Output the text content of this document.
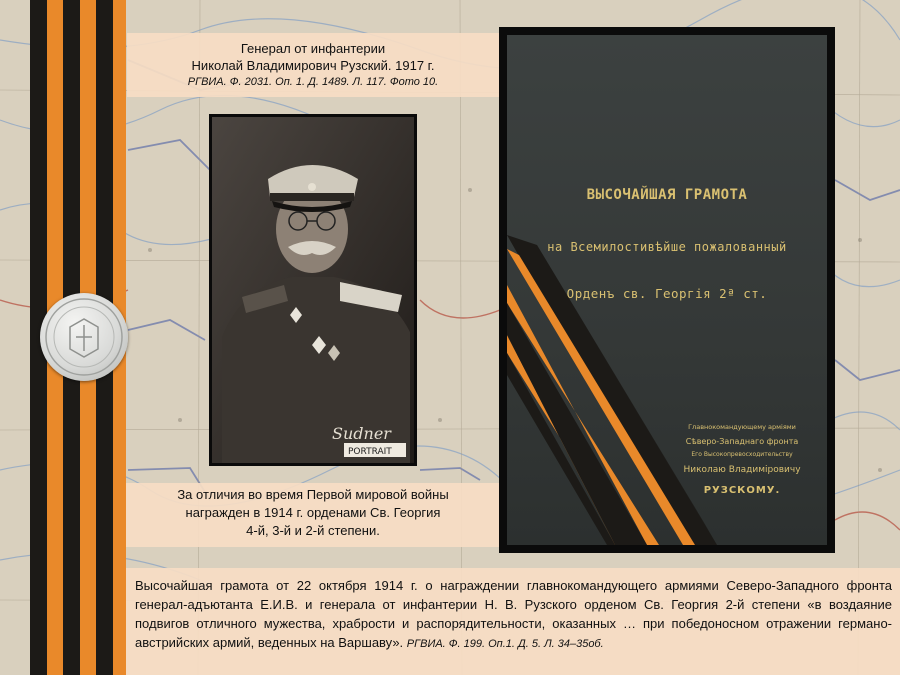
Генерал от инфантерии
Николай Владимирович Рузский. 1917 г.
РГВИА. Ф. 2031. Оп. 1. Д. 1489. Л. 117. Фото 10.
Sudner
PORTRAIT
За отличия во время Первой мировой войны
награжден в 1914 г. орденами Св. Георгия
4-й, 3-й и 2-й степени.
ВЫСОЧАЙШАЯ ГРАМОТА
на Всемилостивѣйше пожалованный
Орденъ св. Георгія 2ª ст.
Главнокомандующему армiями
Сѣверо-Западнаго фронта
Его Высокопревосходительству
Николаю Владимiровичу
РУЗСКОМУ.

Высочайшая грамота от 22 октября 1914 г. о награждении главнокомандующего армиями Северо-Западного фронта генерал-адъютанта Е.И.В. и генерала от инфантерии Н. В. Рузского орденом Св. Георгия 2-й степени «в воздаяние подвигов отличного мужества, храбрости и распорядительности, оказанных … при победоносном отражении германо-австрийских армий, веденных на Варшаву». РГВИА. Ф. 199. Оп.1. Д. 5. Л. 34–35об.
